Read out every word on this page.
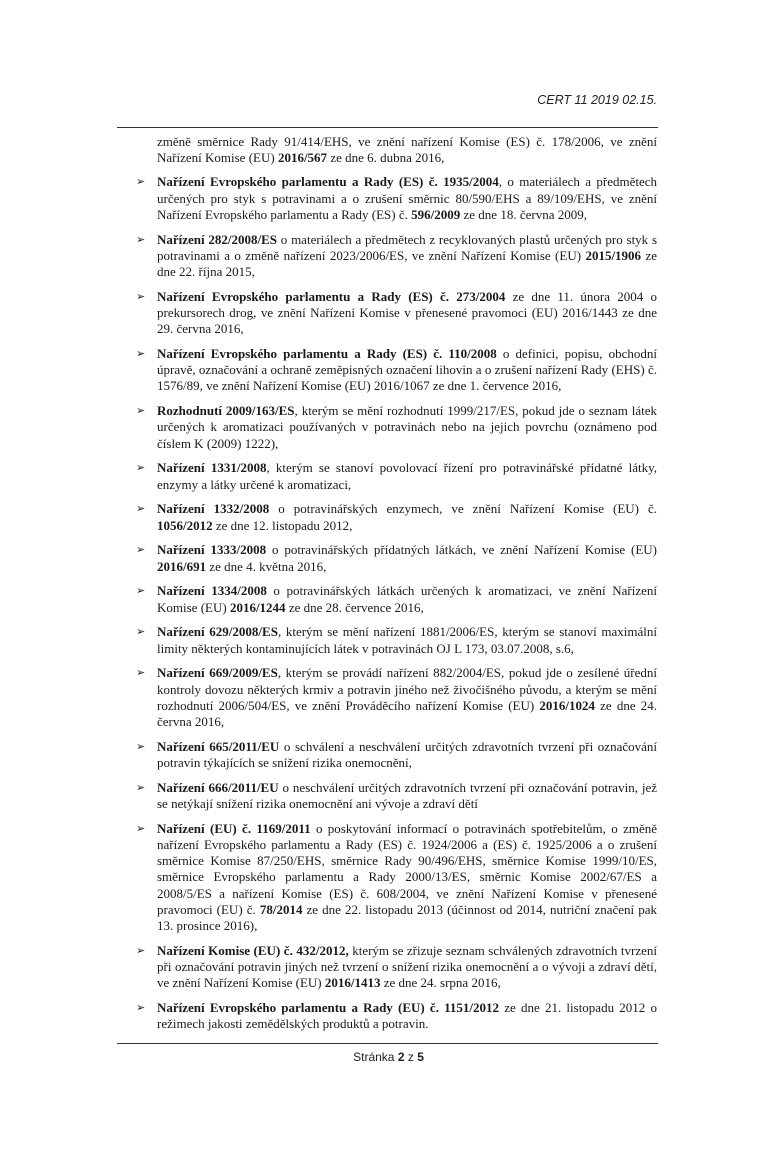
CERT 11 2019 02.15.

změně směrnice Rady 91/414/EHS, ve znění nařízení Komise (ES) č. 178/2006, ve znění Nařízení Komise (EU) 2016/567 ze dne 6. dubna 2016,

➢ Nařízení Evropského parlamentu a Rady (ES) č. 1935/2004, o materiálech a předmětech určených pro styk s potravinami a o zrušení směrnic 80/590/EHS a 89/109/EHS, ve znění Nařízení Evropského parlamentu a Rady (ES) č. 596/2009 ze dne 18. června 2009,
➢ Nařízení 282/2008/ES o materiálech a předmětech z recyklovaných plastů určených pro styk s potravinami a o změně nařízení 2023/2006/ES, ve znění Nařízení Komise (EU) 2015/1906 ze dne 22. října 2015,
➢ Nařízení Evropského parlamentu a Rady (ES) č. 273/2004 ze dne 11. února 2004 o prekursorech drog, ve znění Nařízení Komise v přenesené pravomoci (EU) 2016/1443 ze dne 29. června 2016,
➢ Nařízení Evropského parlamentu a Rady (ES) č. 110/2008 o definici, popisu, obchodní úpravě, označování a ochraně zeměpisných označení lihovin a o zrušení nařízení Rady (EHS) č. 1576/89, ve znění Nařízení Komise (EU) 2016/1067 ze dne 1. července 2016,
➢ Rozhodnutí 2009/163/ES, kterým se mění rozhodnutí 1999/217/ES, pokud jde o seznam látek určených k aromatizaci používaných v potravinách nebo na jejich povrchu (oznámeno pod číslem K (2009) 1222),
➢ Nařízení 1331/2008, kterým se stanoví povolovací řízení pro potravinářské přídatné látky, enzymy a látky určené k aromatizaci,
➢ Nařízení 1332/2008 o potravinářských enzymech, ve znění Nařízení Komise (EU) č. 1056/2012 ze dne 12. listopadu 2012,
➢ Nařízení 1333/2008 o potravinářských přídatných látkách, ve znění Nařízení Komise (EU) 2016/691 ze dne 4. května 2016,
➢ Nařízení 1334/2008 o potravinářských látkách určených k aromatizaci, ve znění Nařízení Komise (EU) 2016/1244 ze dne 28. července 2016,
➢ Nařízení 629/2008/ES, kterým se mění nařízení 1881/2006/ES, kterým se stanoví maximální limity některých kontaminujících látek v potravinách OJ L 173, 03.07.2008, s.6,
➢ Nařízení 669/2009/ES, kterým se provádí nařízení 882/2004/ES, pokud jde o zesílené úřední kontroly dovozu některých krmiv a potravin jiného než živočišného původu, a kterým se mění rozhodnutí 2006/504/ES, ve znění Prováděcího nařízení Komise (EU) 2016/1024 ze dne 24. června 2016,
➢ Nařízení 665/2011/EU o schválení a neschválení určitých zdravotních tvrzení při označování potravin týkajících se snížení rizika onemocnění,
➢ Nařízení 666/2011/EU o neschválení určitých zdravotních tvrzení při označování potravin, jež se netýkají snížení rizika onemocnění ani vývoje a zdraví dětí
➢ Nařízení (EU) č. 1169/2011 o poskytování informací o potravinách spotřebitelům, o změně nařízení Evropského parlamentu a Rady (ES) č. 1924/2006 a (ES) č. 1925/2006 a o zrušení směrnice Komise 87/250/EHS, směrnice Rady 90/496/EHS, směrnice Komise 1999/10/ES, směrnice Evropského parlamentu a Rady 2000/13/ES, směrnic Komise 2002/67/ES a 2008/5/ES a nařízení Komise (ES) č. 608/2004, ve znění Nařízení Komise v přenesené pravomoci (EU) č. 78/2014 ze dne 22. listopadu 2013 (účinnost od 2014, nutriční značení pak 13. prosince 2016),
➢ Nařízení Komise (EU) č. 432/2012, kterým se zřizuje seznam schválených zdravotních tvrzení při označování potravin jiných než tvrzení o snížení rizika onemocnění a o vývoji a zdraví dětí, ve znění Nařízení Komise (EU) 2016/1413 ze dne 24. srpna 2016,
➢ Nařízení Evropského parlamentu a Rady (EU) č. 1151/2012 ze dne 21. listopadu 2012 o režimech jakosti zemědělských produktů a potravin.
Stránka 2 z 5
